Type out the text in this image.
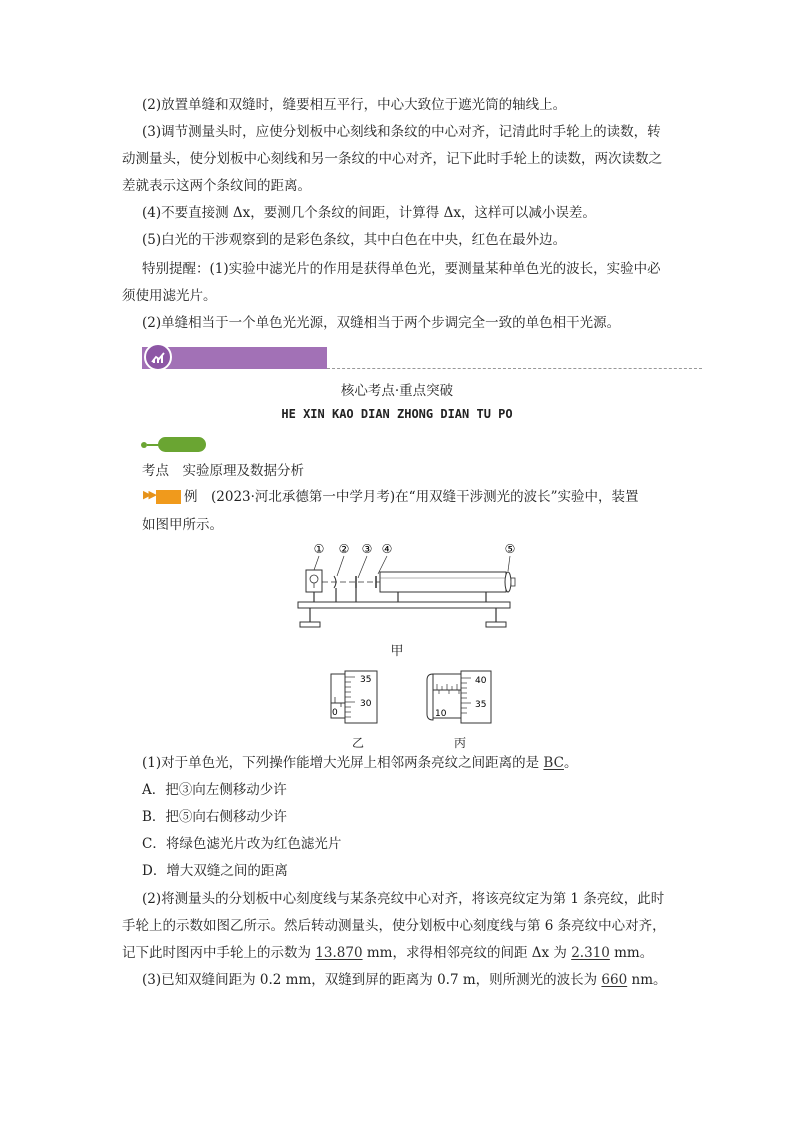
(2)放置单缝和双缝时，缝要相互平行，中心大致位于遮光筒的轴线上。
(3)调节测量头时，应使分划板中心刻线和条纹的中心对齐，记清此时手轮上的读数，转
动测量头，使分划板中心刻线和另一条纹的中心对齐，记下此时手轮上的读数，两次读数之
差就表示这两个条纹间的距离。
(4)不要直接测 Δx，要测几个条纹的间距，计算得 Δx，这样可以减小误差。
(5)白光的干涉观察到的是彩色条纹，其中白色在中央，红色在最外边。
特别提醒：(1)实验中滤光片的作用是获得单色光，要测量某种单色光的波长，实验中必
须使用滤光片。
(2)单缝相当于一个单色光光源，双缝相当于两个步调完全一致的单色相干光源。
核心考点·重点突破
HE XIN KAO DIAN ZHONG DIAN TU PO
考点　实验原理及数据分析
▶▶ 例　(2023·河北承德第一中学月考)在“用双缝干涉测光的波长”实验中，装置
如图甲所示。
① ② ③ ④	⑤
甲
35
30
0
乙
40
35
10
丙
(1)对于单色光，下列操作能增大光屏上相邻两条亮纹之间距离的是 BC。
A．把③向左侧移动少许
B．把⑤向右侧移动少许
C．将绿色滤光片改为红色滤光片
D．增大双缝之间的距离
(2)将测量头的分划板中心刻度线与某条亮纹中心对齐，将该亮纹定为第 1 条亮纹，此时
手轮上的示数如图乙所示。然后转动测量头，使分划板中心刻度线与第 6 条亮纹中心对齐，
记下此时图丙中手轮上的示数为 13.870 mm，求得相邻亮纹的间距 Δx 为 2.310 mm。
(3)已知双缝间距为 0.2 mm，双缝到屏的距离为 0.7 m，则所测光的波长为 660 nm。
